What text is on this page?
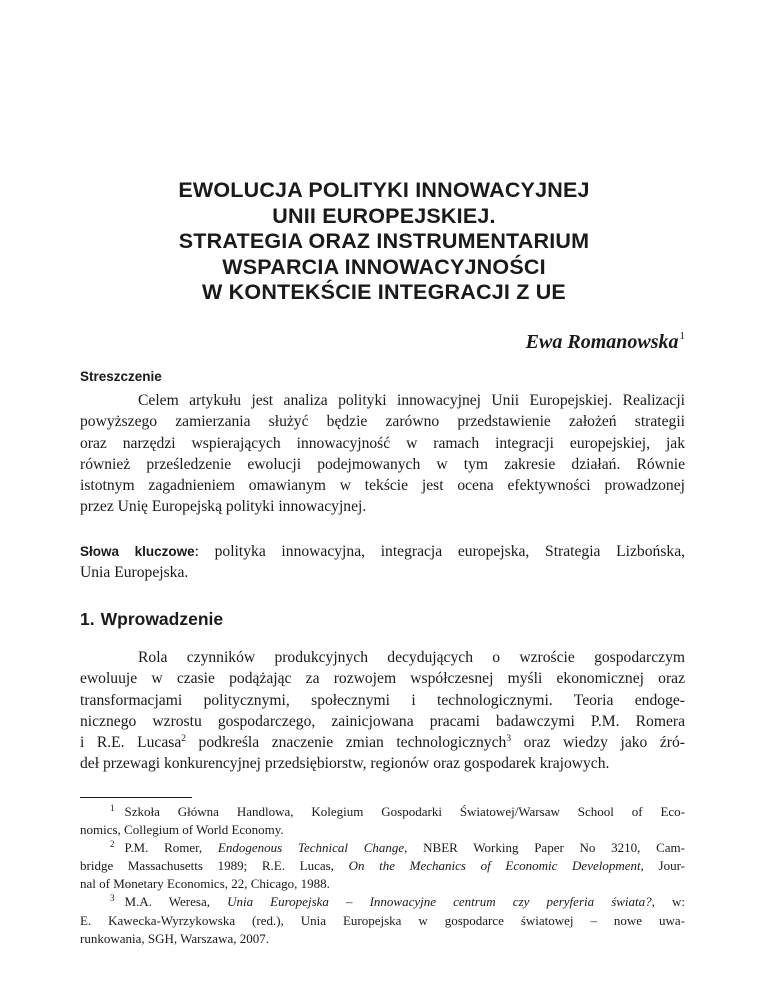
EWOLUCJA POLITYKI INNOWACYJNEJ
UNII EUROPEJSKIEJ.
STRATEGIA ORAZ INSTRUMENTARIUM
WSPARCIA INNOWACYJNOŚCI
W KONTEKŚCIE INTEGRACJI Z UE
Ewa Romanowska$^1$
Streszczenie
Celem artykułu jest analiza polityki innowacyjnej Unii Europejskiej. Realizacji
powyższego zamierzania służyć będzie zarówno przedstawienie założeń strategii
oraz narzędzi wspierających innowacyjność w ramach integracji europejskiej, jak
również prześledzenie ewolucji podejmowanych w tym zakresie działań. Równie
istotnym zagadnieniem omawianym w tekście jest ocena efektywności prowadzonej
przez Unię Europejską polityki innowacyjnej.
Słowa kluczowe: polityka innowacyjna, integracja europejska, Strategia Lizbońska,
Unia Europejska.
1. Wprowadzenie
Rola czynników produkcyjnych decydujących o wzroście gospodarczym
ewoluuje w czasie podążając za rozwojem współczesnej myśli ekonomicznej oraz
transformacjami politycznymi, społecznymi i technologicznymi. Teoria endoge-
nicznego wzrostu gospodarczego, zainicjowana pracami badawczymi P.M. Romera
i R.E. Lucasa$^2$ podkreśla znaczenie zmian technologicznych$^3$ oraz wiedzy jako źró-
deł przewagi konkurencyjnej przedsiębiorstw, regionów oraz gospodarek krajowych.
$^1$ Szkoła Główna Handlowa, Kolegium Gospodarki Światowej/Warsaw School of Eco-
nomics, Collegium of World Economy.
$^2$ P.M. Romer, Endogenous Technical Change, NBER Working Paper No 3210, Cam-
bridge Massachusetts 1989; R.E. Lucas, On the Mechanics of Economic Development, Jour-
nal of Monetary Economics, 22, Chicago, 1988.
$^3$ M.A. Weresa, Unia Europejska – Innowacyjne centrum czy peryferia świata?, w:
E. Kawecka-Wyrzykowska (red.), Unia Europejska w gospodarce światowej – nowe uwa-
runkowania, SGH, Warszawa, 2007.
